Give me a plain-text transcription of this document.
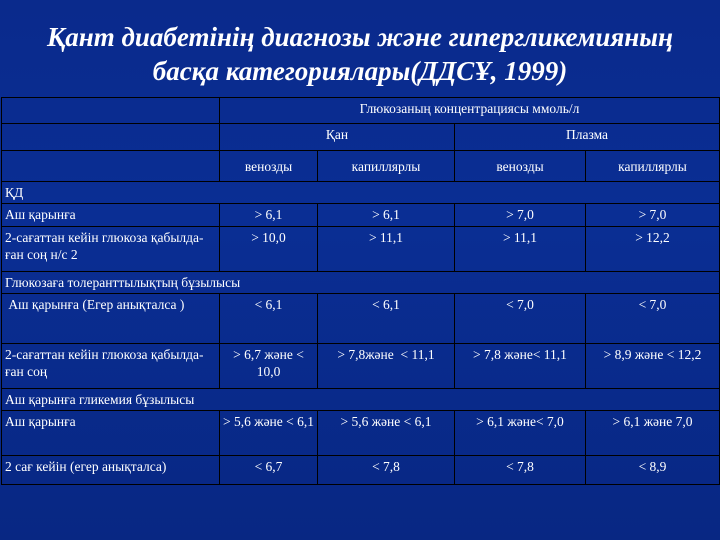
Қант диабетінің диагнозы және гипергликемияның
басқа категориялары(ДДСҰ, 1999)
	Глюкозаның концентрациясы ммоль/л			
	Қан		Плазма	
	венозды	капиллярлы	венозды	капиллярлы
ҚД				
Аш қарынға	> 6,1	> 6,1	> 7,0	> 7,0
2-сағаттан кейін глюкоза қабылда-ған соң н/с 2	> 10,0	> 11,1	> 11,1	> 12,2
Глюкозаға толеранттылықтың бұзылысы				
Аш қарынға (Егер анықталса )	< 6,1	< 6,1	< 7,0	< 7,0
2-сағаттан кейін глюкоза қабылда-ған соң	> 6,7 және < 10,0	> 7,8және  < 11,1	> 7,8 және< 11,1	> 8,9 және < 12,2
Аш қарынға гликемия бұзылысы				
Аш қарынға	> 5,6 және < 6,1	> 5,6 және < 6,1	> 6,1 және< 7,0	> 6,1 және 7,0
2 сағ кейін (егер анықталса)	< 6,7	< 7,8	< 7,8	< 8,9
